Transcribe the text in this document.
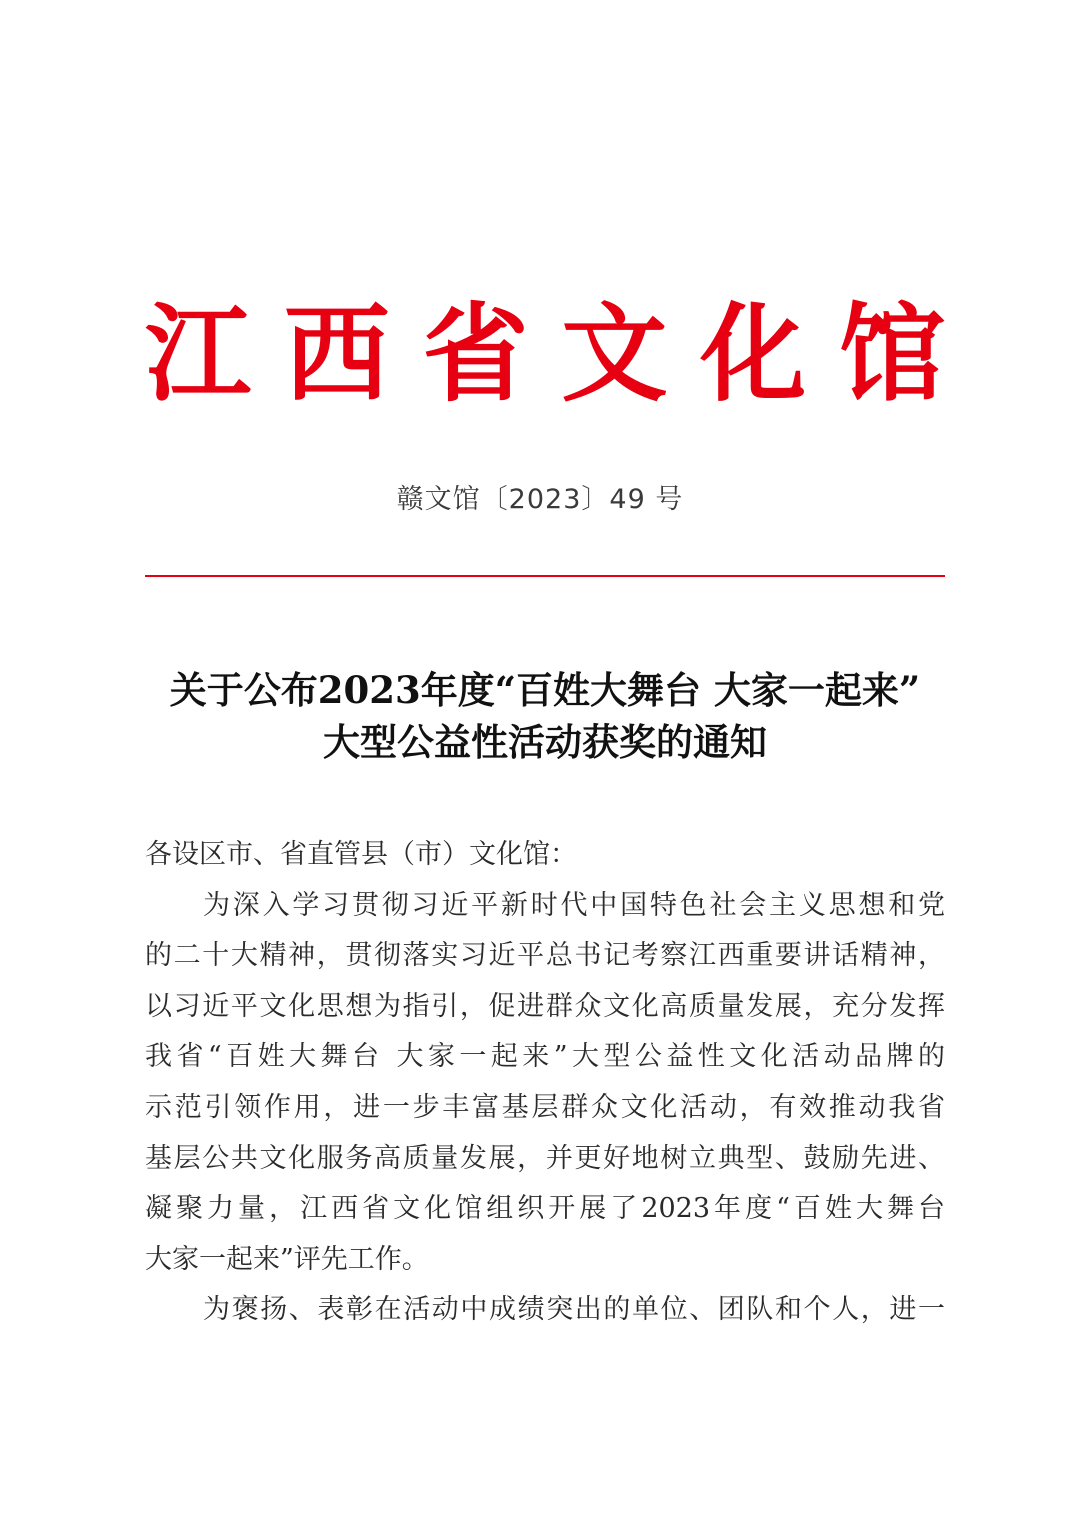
江西省文化馆
赣文馆〔2023〕49 号
关于公布2023年度“百姓大舞台 大家一起来”
大型公益性活动获奖的通知
各设区市、省直管县（市）文化馆：
为深入学习贯彻习近平新时代中国特色社会主义思想和党
的二十大精神，贯彻落实习近平总书记考察江西重要讲话精神，
以习近平文化思想为指引，促进群众文化高质量发展，充分发挥
我省“百姓大舞台 大家一起来”大型公益性文化活动品牌的
示范引领作用，进一步丰富基层群众文化活动，有效推动我省
基层公共文化服务高质量发展，并更好地树立典型、鼓励先进、
凝聚力量，江西省文化馆组织开展了2023年度“百姓大舞台
大家一起来”评先工作。
为褒扬、表彰在活动中成绩突出的单位、团队和个人，进一
